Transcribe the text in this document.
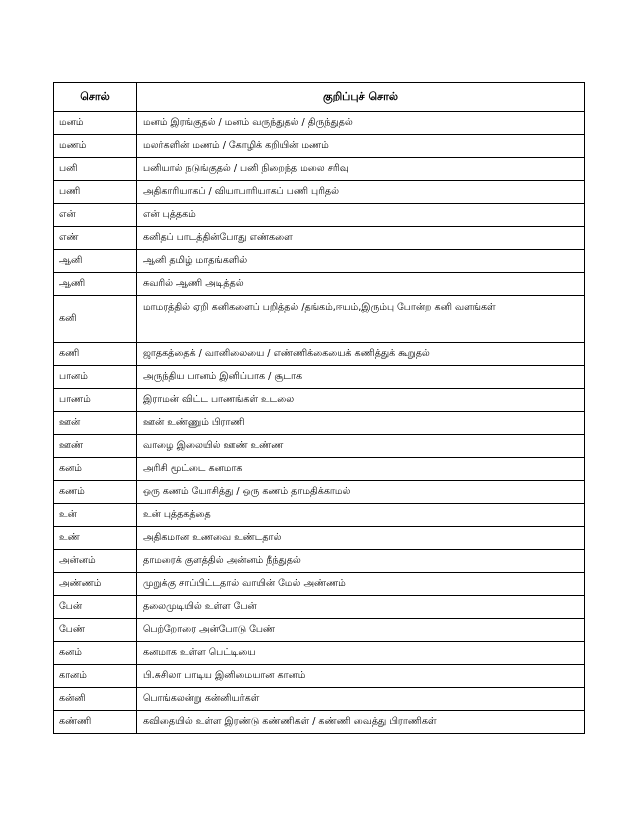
சொல்	குறிப்புச் சொல்
மனம்	மனம் இரங்குதல் / மனம் வருந்துதல் / திருந்துதல்
மணம்	மலர்களின் மணம் / கோழிக் கறியின் மணம்
பனி	பனியால் நடுங்குதல் / பனி நிறைந்த மலை சரிவு
பணி	அதிகாரியாகப் / வியாபாரியாகப் பணி புரிதல்
என்	என் புத்தகம்
எண்	கனிதப் பாடத்தின்போது எண்களை
ஆனி	ஆனி தமிழ் மாதங்களில்
ஆணி	சுவரில் ஆணி அடித்தல்
கனி	மாமரத்தில் ஏறி கனிகளைப் பறித்தல் /தங்கம்,ஈயம்,இரும்பு போன்ற கனி வளங்கள்
கணி	ஜாதகத்தைக் / வானிலையை / எண்ணிக்கையைக் கணித்துக் கூறுதல்
பானம்	அருந்திய பானம் இனிப்பாக / சூடாக
பாணம்	இராமன் விட்ட பாணங்கள் உடலை
ஊன்	ஊன் உண்ணும் பிராணி
ஊண்	வாழை இலையில் ஊண் உண்ண
கனம்	அரிசி மூட்டை கனமாக
கணம்	ஒரு கணம் யோசித்து / ஒரு கணம் தாமதிக்காமல்
உன்	உன் புத்தகத்தை
உண்	அதிகமான உணவை உண்டதால்
அன்னம்	தாமரைக் குளத்தில் அன்னம் நீந்துதல்
அண்ணம்	முறுக்கு சாப்பிட்டதால் வாயின் மேல் அண்ணம்
பேன்	தலைமுடியில் உள்ள பேன்
பேண்	பெற்றோரை அன்போடு பேண்
கனம்	கனமாக உள்ள பெட்டியை
கானம்	பி.சுசிலா பாடிய இனிமையான கானம்
கன்னி	பொங்கலன்று கன்னியர்கள்
கண்ணி	கவிதையில் உள்ள இரண்டு கண்ணிகள் / கண்ணி வைத்து பிராணிகள்
